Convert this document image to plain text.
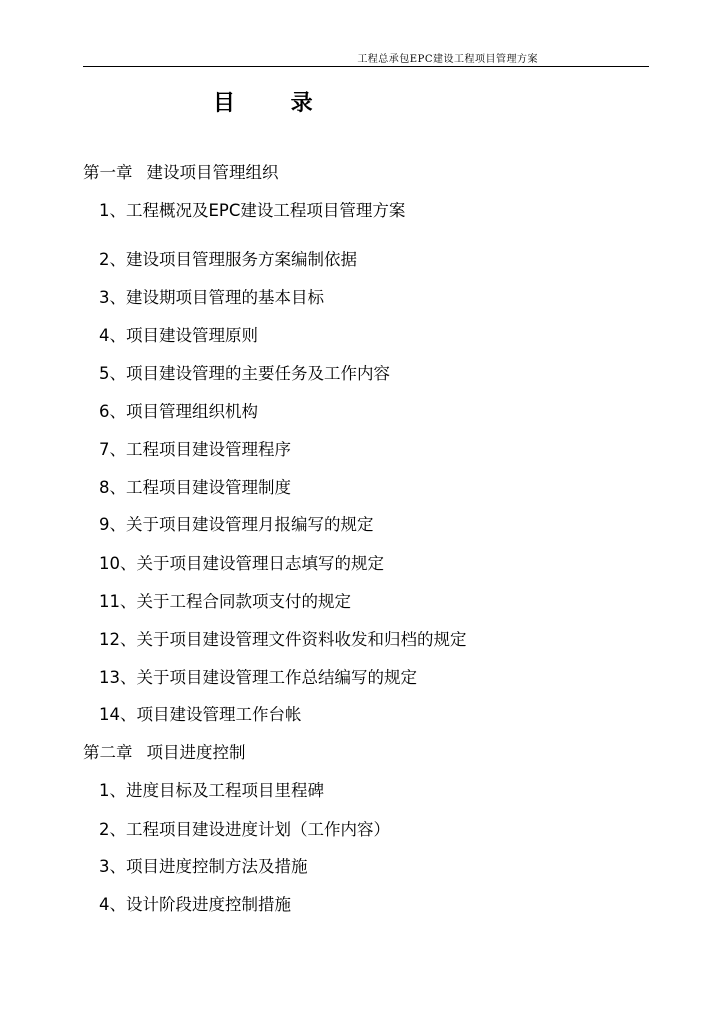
工程总承包EPC建设工程项目管理方案
目 录
第一章 建设项目管理组织
1、工程概况及EPC建设工程项目管理方案
2、建设项目管理服务方案编制依据
3、建设期项目管理的基本目标
4、项目建设管理原则
5、项目建设管理的主要任务及工作内容
6、项目管理组织机构
7、工程项目建设管理程序
8、工程项目建设管理制度
9、关于项目建设管理月报编写的规定
10、关于项目建设管理日志填写的规定
11、关于工程合同款项支付的规定
12、关于项目建设管理文件资料收发和归档的规定
13、关于项目建设管理工作总结编写的规定
14、项目建设管理工作台帐
第二章 项目进度控制
1、进度目标及工程项目里程碑
2、工程项目建设进度计划（工作内容）
3、项目进度控制方法及措施
4、设计阶段进度控制措施
